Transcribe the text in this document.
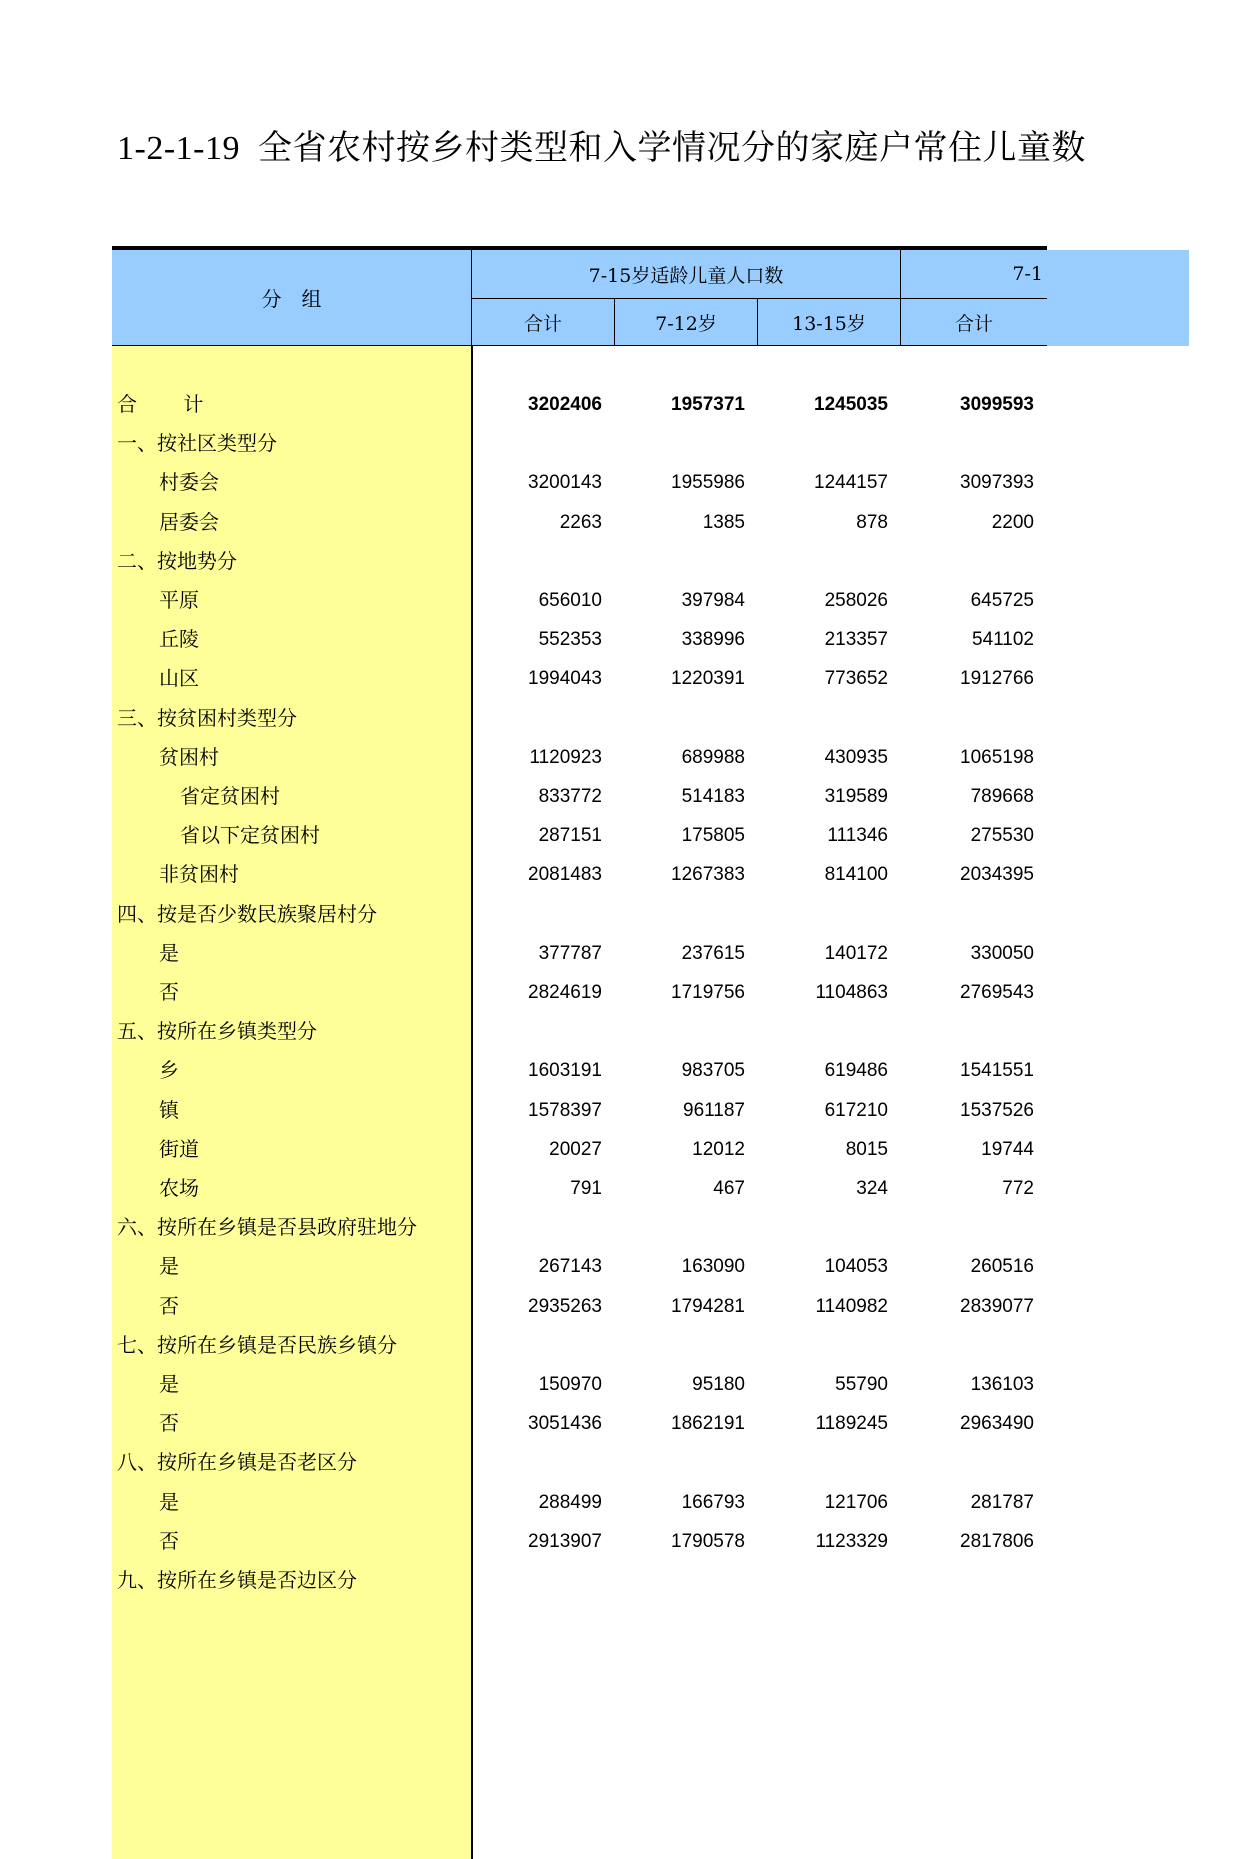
1-2-1-19 全省农村按乡村类型和入学情况分的家庭户常住儿童数
分　组
7-15岁适龄儿童人口数	7-1
合计	7-12岁	13-15岁	合计
合 计	3202406	1957371	1245035	3099593
一、按社区类型分
村委会	3200143	1955986	1244157	3097393
居委会	2263	1385	878	2200
二、按地势分
平原	656010	397984	258026	645725
丘陵	552353	338996	213357	541102
山区	1994043	1220391	773652	1912766
三、按贫困村类型分
贫困村	1120923	689988	430935	1065198
省定贫困村	833772	514183	319589	789668
省以下定贫困村	287151	175805	111346	275530
非贫困村	2081483	1267383	814100	2034395
四、按是否少数民族聚居村分
是	377787	237615	140172	330050
否	2824619	1719756	1104863	2769543
五、按所在乡镇类型分
乡	1603191	983705	619486	1541551
镇	1578397	961187	617210	1537526
街道	20027	12012	8015	19744
农场	791	467	324	772
六、按所在乡镇是否县政府驻地分
是	267143	163090	104053	260516
否	2935263	1794281	1140982	2839077
七、按所在乡镇是否民族乡镇分
是	150970	95180	55790	136103
否	3051436	1862191	1189245	2963490
八、按所在乡镇是否老区分
是	288499	166793	121706	281787
否	2913907	1790578	1123329	2817806
九、按所在乡镇是否边区分
